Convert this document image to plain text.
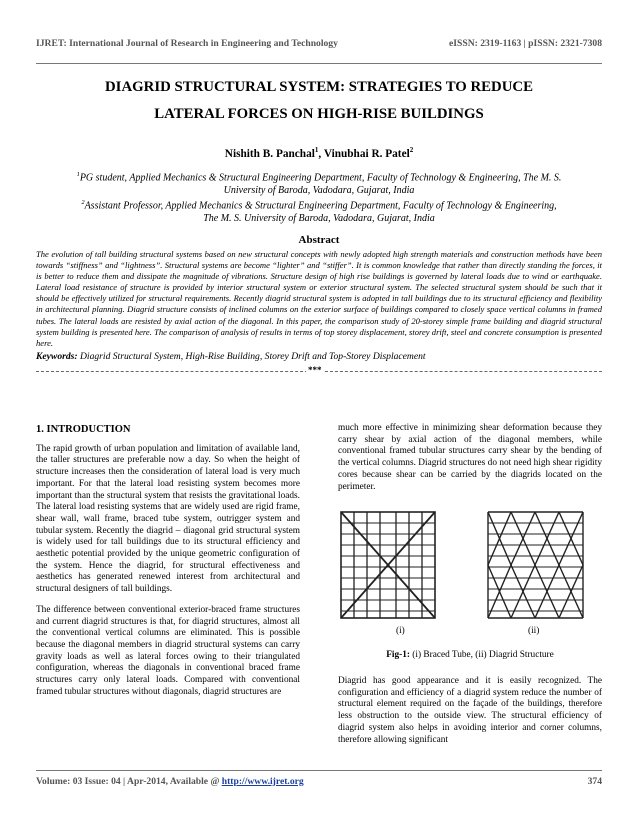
IJRET: International Journal of Research in Engineering and Technology	eISSN: 2319-1163 | pISSN: 2321-7308
DIAGRID STRUCTURAL SYSTEM: STRATEGIES TO REDUCE
LATERAL FORCES ON HIGH-RISE BUILDINGS
Nishith B. Panchal$^1$, Vinubhai R. Patel$^2$
$^1$PG student, Applied Mechanics & Structural Engineering Department, Faculty of Technology & Engineering, The M. S.
University of Baroda, Vadodara, Gujarat, India
$^2$Assistant Professor, Applied Mechanics & Structural Engineering Department, Faculty of Technology & Engineering,
The M. S. University of Baroda, Vadodara, Gujarat, India
Abstract
The evolution of tall building structural systems based on new structural concepts with newly adopted high strength materials and construction methods have been towards “stiffness” and “lightness”. Structural systems are become “lighter” and “stiffer”. It is common knowledge that rather than directly standing the forces, it is better to reduce them and dissipate the magnitude of vibrations. Structure design of high rise buildings is governed by lateral loads due to wind or earthquake. Lateral load resistance of structure is provided by interior structural system or exterior structural system. The selected structural system should be such that it should be effectively utilized for structural requirements. Recently diagrid structural system is adopted in tall buildings due to its structural efficiency and flexibility in architectural planning. Diagrid structure consists of inclined columns on the exterior surface of buildings compared to closely space vertical columns in framed tubes. The lateral loads are resisted by axial action of the diagonal. In this paper, the comparison study of 20-storey simple frame building and diagrid structural system building is presented here. The comparison of analysis of results in terms of top storey displacement, storey drift, steel and concrete consumption is presented here.
Keywords: Diagrid Structural System, High-Rise Building, Storey Drift and Top-Storey Displacement
***
1. INTRODUCTION

The rapid growth of urban population and limitation of available land, the taller structures are preferable now a day. So when the height of structure increases then the consideration of lateral load is very much important. For that the lateral load resisting system becomes more important than the structural system that resists the gravitational loads. The lateral load resisting systems that are widely used are rigid frame, shear wall, wall frame, braced tube system, outrigger system and tubular system. Recently the diagrid – diagonal grid structural system is widely used for tall buildings due to its structural efficiency and aesthetic potential provided by the unique geometric configuration of the system. Hence the diagrid, for structural effectiveness and aesthetics has generated renewed interest from architectural and structural designers of tall buildings.

The difference between conventional exterior-braced frame structures and current diagrid structures is that, for diagrid structures, almost all the conventional vertical columns are eliminated. This is possible because the diagonal members in diagrid structural systems can carry gravity loads as well as lateral forces owing to their triangulated configuration, whereas the diagonals in conventional braced frame structures carry only lateral loads. Compared with conventional framed tubular structures without diagonals, diagrid structures are

much more effective in minimizing shear deformation because they carry shear by axial action of the diagonal members, while conventional framed tubular structures carry shear by the bending of the vertical columns. Diagrid structures do not need high shear rigidity cores because shear can be carried by the diagrids located on the perimeter.

(i)	(ii)
Fig-1: (i) Braced Tube, (ii) Diagrid Structure

Diagrid has good appearance and it is easily recognized. The configuration and efficiency of a diagrid system reduce the number of structural element required on the façade of the buildings, therefore less obstruction to the outside view. The structural efficiency of diagrid system also helps in avoiding interior and corner columns, therefore allowing significant

Volume: 03 Issue: 04 | Apr-2014, Available @ http://www.ijret.org	374
